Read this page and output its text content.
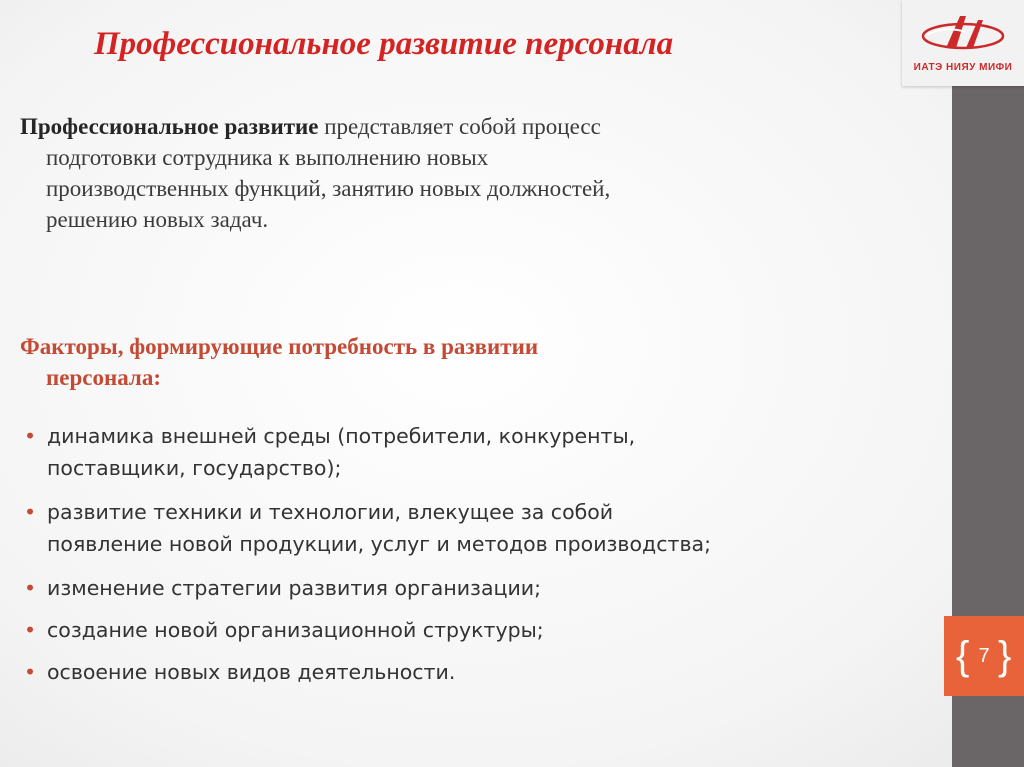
ИАТЭ НИЯУ МИФИ
{ 7 }
Профессиональное развитие персонала
Профессиональное развитие представляет собой процесс
подготовки сотрудника к выполнению новых
производственных функций, занятию новых должностей,
решению новых задач.
Факторы, формирующие потребность в развитии
персонала:
• динамика внешней среды (потребители, конкуренты,
поставщики, государство);
• развитие техники и технологии, влекущее за собой
появление новой продукции, услуг и методов производства;
• изменение стратегии развития организации;
• создание новой организационной структуры;
• освоение новых видов деятельности.
